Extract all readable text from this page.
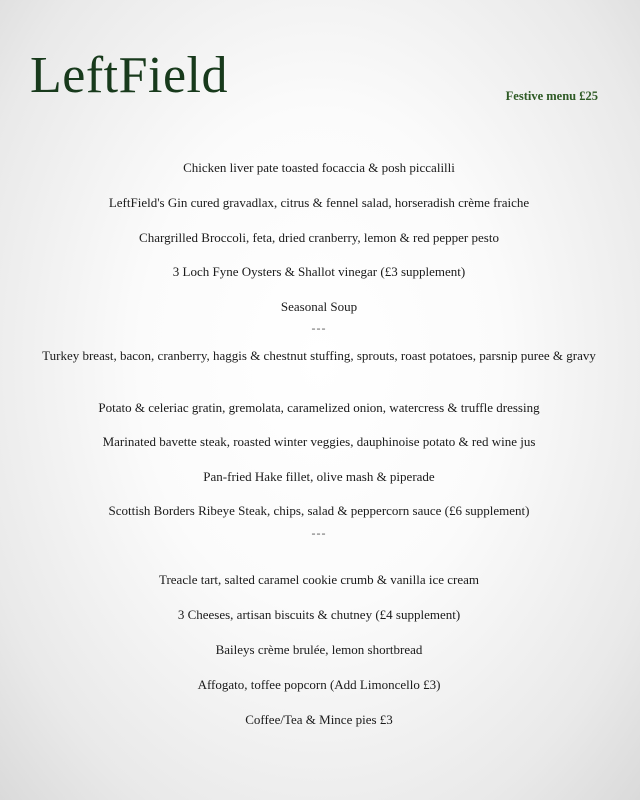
LeftField	Festive menu £25
Chicken liver pate toasted focaccia & posh piccalilli
LeftField's Gin cured gravadlax, citrus & fennel salad, horseradish crème fraiche
Chargrilled Broccoli, feta, dried cranberry, lemon & red pepper pesto
3 Loch Fyne Oysters & Shallot vinegar (£3 supplement)
Seasonal Soup
---
Turkey breast, bacon, cranberry, haggis & chestnut stuffing, sprouts, roast potatoes, parsnip puree & gravy
Potato & celeriac gratin, gremolata, caramelized onion, watercress & truffle dressing
Marinated bavette steak, roasted winter veggies, dauphinoise potato & red wine jus
Pan-fried Hake fillet, olive mash & piperade
Scottish Borders Ribeye Steak, chips, salad & peppercorn sauce (£6 supplement)
---
Treacle tart, salted caramel cookie crumb & vanilla ice cream
3 Cheeses, artisan biscuits & chutney (£4 supplement)
Baileys crème brulée, lemon shortbread
Affogato, toffee popcorn (Add Limoncello £3)
Coffee/Tea & Mince pies £3
